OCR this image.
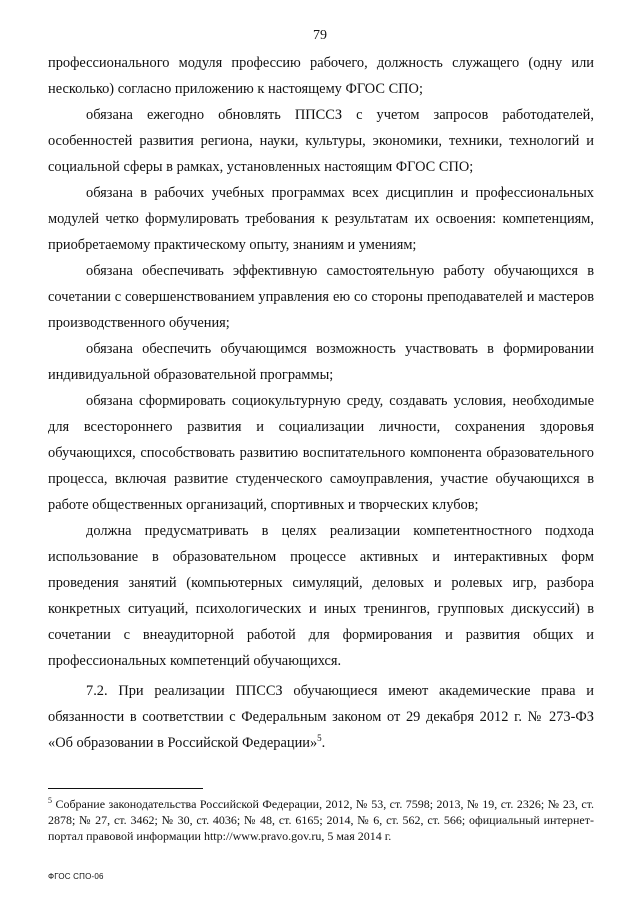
79

профессионального модуля профессию рабочего, должность служащего (одну или несколько) согласно приложению к настоящему ФГОС СПО;

обязана ежегодно обновлять ППССЗ с учетом запросов работодателей, особенностей развития региона, науки, культуры, экономики, техники, технологий и социальной сферы в рамках, установленных настоящим ФГОС СПО;

обязана в рабочих учебных программах всех дисциплин и профессиональных модулей четко формулировать требования к результатам их освоения: компетенциям, приобретаемому практическому опыту, знаниям и умениям;

обязана обеспечивать эффективную самостоятельную работу обучающихся в сочетании с совершенствованием управления ею со стороны преподавателей и мастеров производственного обучения;

обязана обеспечить обучающимся возможность участвовать в формировании индивидуальной образовательной программы;

обязана сформировать социокультурную среду, создавать условия, необходимые для всестороннего развития и социализации личности, сохранения здоровья обучающихся, способствовать развитию воспитательного компонента образовательного процесса, включая развитие студенческого самоуправления, участие обучающихся в работе общественных организаций, спортивных и творческих клубов;

должна предусматривать в целях реализации компетентностного подхода использование в образовательном процессе активных и интерактивных форм проведения занятий (компьютерных симуляций, деловых и ролевых игр, разбора конкретных ситуаций, психологических и иных тренингов, групповых дискуссий) в сочетании с внеаудиторной работой для формирования и развития общих и профессиональных компетенций обучающихся.

7.2. При реализации ППССЗ обучающиеся имеют академические права и обязанности в соответствии с Федеральным законом от 29 декабря 2012 г. № 273-ФЗ «Об образовании в Российской Федерации»$^5$.

$^5$ Собрание законодательства Российской Федерации, 2012, № 53, ст. 7598; 2013, № 19, ст. 2326; № 23, ст. 2878; № 27, ст. 3462; № 30, ст. 4036; № 48, ст. 6165; 2014, № 6, ст. 562, ст. 566; официальный интернет-портал правовой информации http://www.pravo.gov.ru, 5 мая 2014 г.
ФГОС СПО-06
